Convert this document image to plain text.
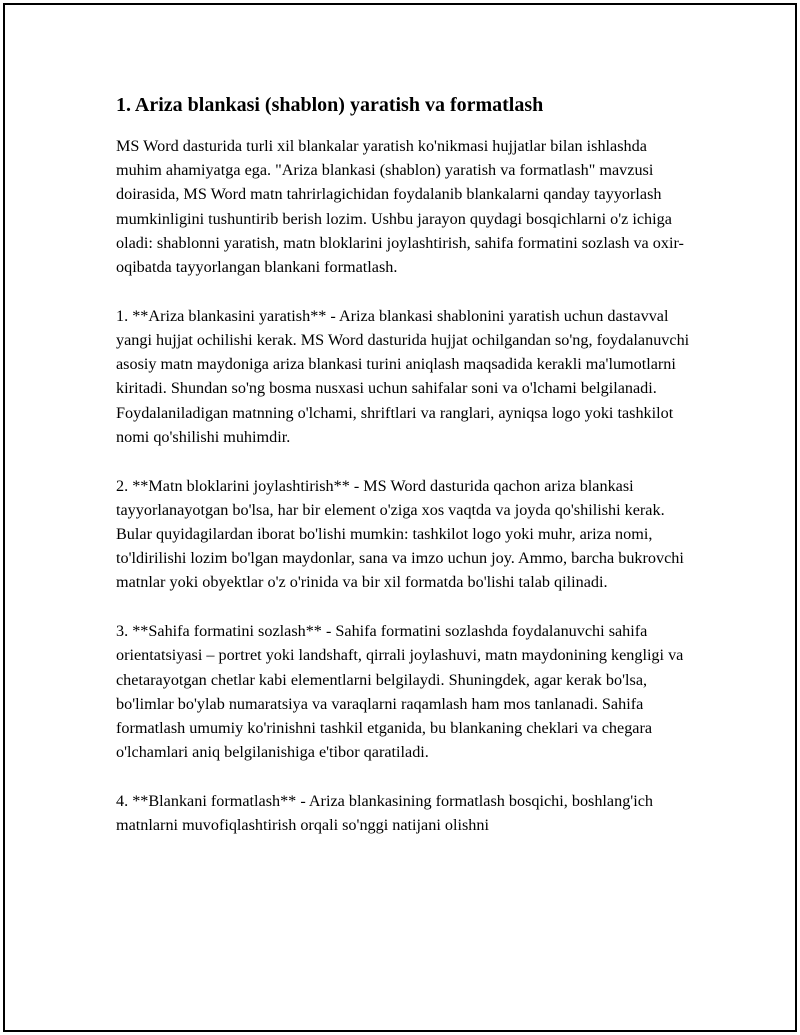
1. Ariza blankasi (shablon) yaratish va formatlash

MS Word dasturida turli xil blankalar yaratish ko'nikmasi hujjatlar bilan ishlashda muhim ahamiyatga ega. "Ariza blankasi (shablon) yaratish va formatlash" mavzusi doirasida, MS Word matn tahrirlagichidan foydalanib blankalarni qanday tayyorlash mumkinligini tushuntirib berish lozim. Ushbu jarayon quydagi bosqichlarni o'z ichiga oladi: shablonni yaratish, matn bloklarini joylashtirish, sahifa formatini sozlash va oxir-oqibatda tayyorlangan blankani formatlash.

1. **Ariza blankasini yaratish** - Ariza blankasi shablonini yaratish uchun dastavval yangi hujjat ochilishi kerak. MS Word dasturida hujjat ochilgandan so'ng, foydalanuvchi asosiy matn maydoniga ariza blankasi turini aniqlash maqsadida kerakli ma'lumotlarni kiritadi. Shundan so'ng bosma nusxasi uchun sahifalar soni va o'lchami belgilanadi. Foydalaniladigan matnning o'lchami, shriftlari va ranglari, ayniqsa logo yoki tashkilot nomi qo'shilishi muhimdir.

2. **Matn bloklarini joylashtirish** - MS Word dasturida qachon ariza blankasi tayyorlanayotgan bo'lsa, har bir element o'ziga xos vaqtda va joyda qo'shilishi kerak. Bular quyidagilardan iborat bo'lishi mumkin: tashkilot logo yoki muhr, ariza nomi, to'ldirilishi lozim bo'lgan maydonlar, sana va imzo uchun joy. Ammo, barcha bukrovchi matnlar yoki obyektlar o'z o'rinida va bir xil formatda bo'lishi talab qilinadi.

3. **Sahifa formatini sozlash** - Sahifa formatini sozlashda foydalanuvchi sahifa orientatsiyasi – portret yoki landshaft, qirrali joylashuvi, matn maydonining kengligi va chetarayotgan chetlar kabi elementlarni belgilaydi. Shuningdek, agar kerak bo'lsa, bo'limlar bo'ylab numaratsiya va varaqlarni raqamlash ham mos tanlanadi. Sahifa formatlash umumiy ko'rinishni tashkil etganida, bu blankaning cheklari va chegara o'lchamlari aniq belgilanishiga e'tibor qaratiladi.

4. **Blankani formatlash** - Ariza blankasining formatlash bosqichi, boshlang'ich matnlarni muvofiqlashtirish orqali so'nggi natijani olishni
